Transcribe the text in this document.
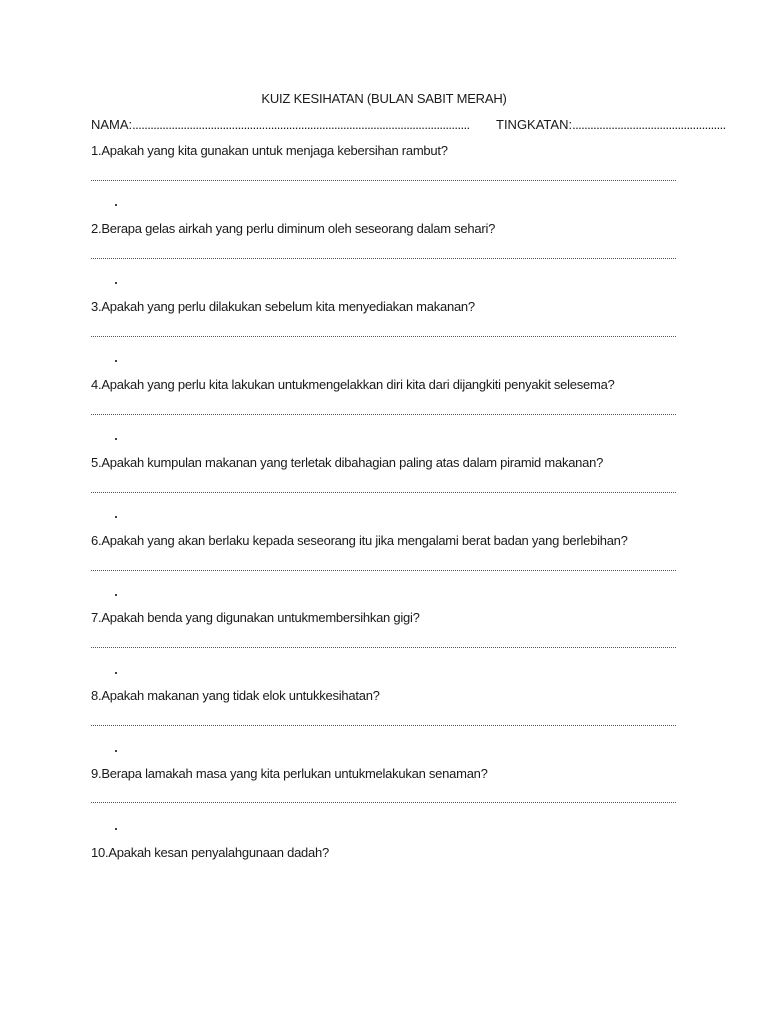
KUIZ KESIHATAN (BULAN SABIT MERAH)
NAMA:................................................................................................................ TINGKATAN:...................................................
1.Apakah yang kita gunakan untuk menjaga kebersihan rambut?
2.Berapa gelas airkah yang perlu diminum oleh seseorang dalam sehari?
3.Apakah yang perlu dilakukan sebelum kita menyediakan makanan?
4.Apakah yang perlu kita lakukan untukmengelakkan diri kita dari dijangkiti penyakit selesema?
5.Apakah kumpulan makanan yang terletak dibahagian paling atas dalam piramid makanan?
6.Apakah yang akan berlaku kepada seseorang itu jika mengalami berat badan yang berlebihan?
7.Apakah benda yang digunakan untukmembersihkan gigi?
8.Apakah makanan yang tidak elok untukkesihatan?
9.Berapa lamakah masa yang kita perlukan untukmelakukan senaman?
10.Apakah kesan penyalahgunaan dadah?
